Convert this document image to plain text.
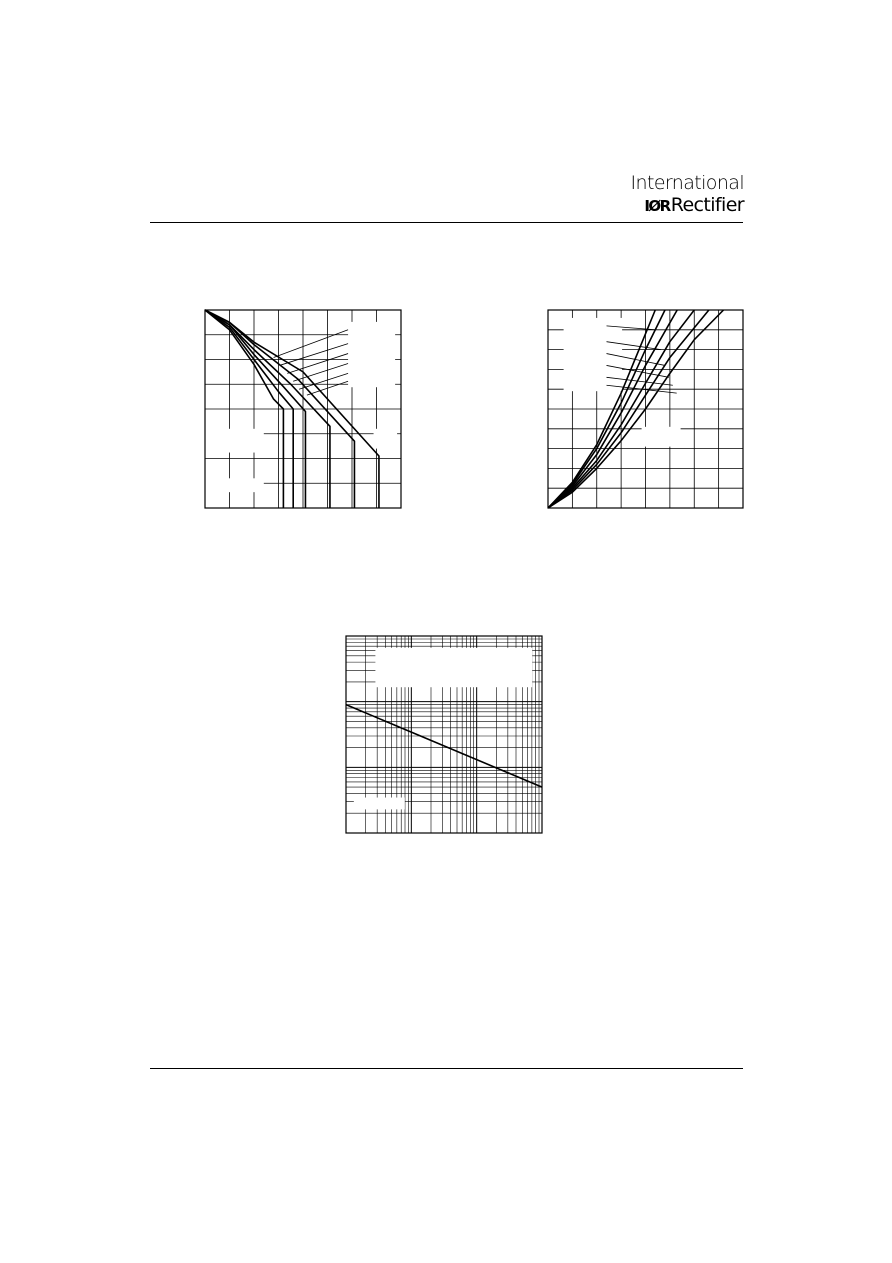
International
IØRRectifier
